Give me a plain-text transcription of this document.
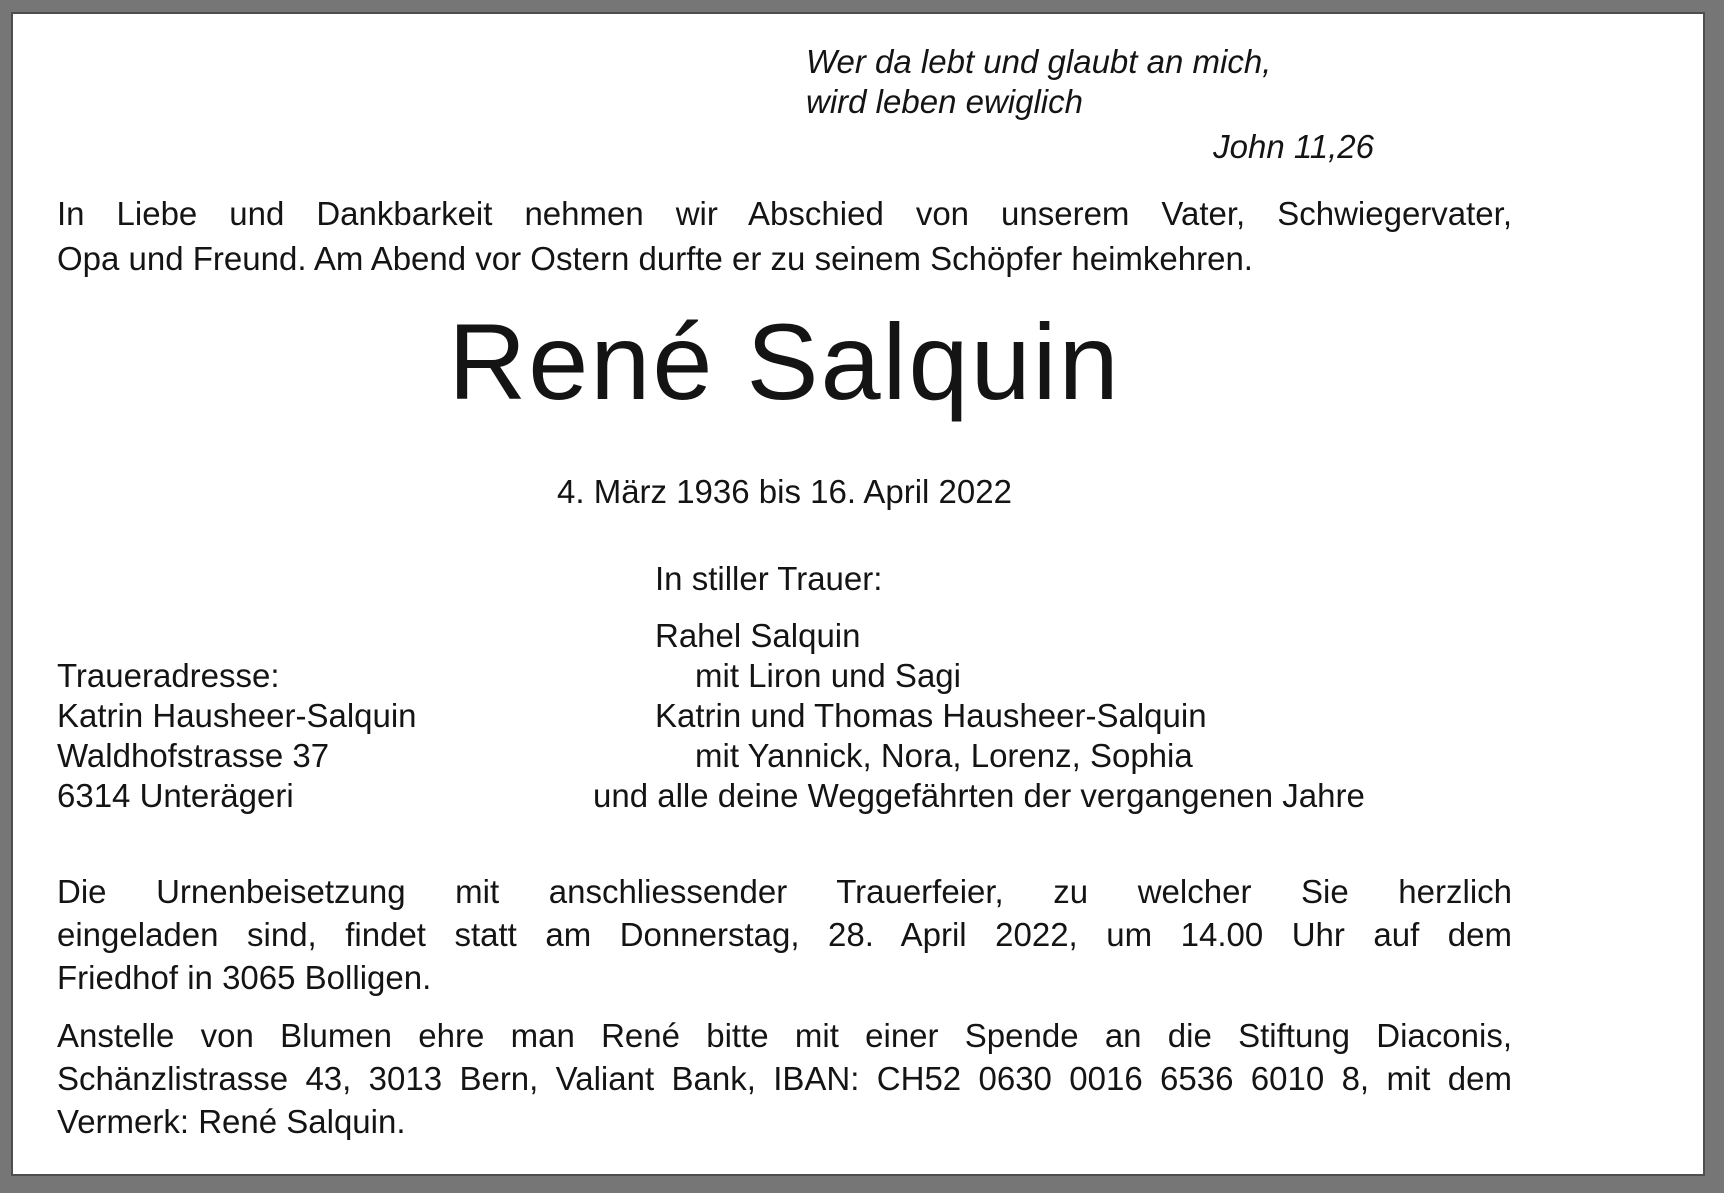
Wer da lebt und glaubt an mich,
wird leben ewiglich
John 11,26
In Liebe und Dankbarkeit nehmen wir Abschied von unserem Vater, Schwiegervater,
Opa und Freund. Am Abend vor Ostern durfte er zu seinem Schöpfer heimkehren.
René Salquin
4. März 1936 bis 16. April 2022
In stiller Trauer:
Rahel Salquin
mit Liron und Sagi
Katrin und Thomas Hausheer-Salquin
mit Yannick, Nora, Lorenz, Sophia
und alle deine Weggefährten der vergangenen Jahre
Traueradresse:
Katrin Hausheer-Salquin
Waldhofstrasse 37
6314 Unterägeri
Die Urnenbeisetzung mit anschliessender Trauerfeier, zu welcher Sie herzlich
eingeladen sind, findet statt am Donnerstag, 28. April 2022, um 14.00 Uhr auf dem
Friedhof in 3065 Bolligen.
Anstelle von Blumen ehre man René bitte mit einer Spende an die Stiftung Diaconis,
Schänzlistrasse 43, 3013 Bern, Valiant Bank, IBAN: CH52 0630 0016 6536 6010 8, mit dem
Vermerk: René Salquin.
